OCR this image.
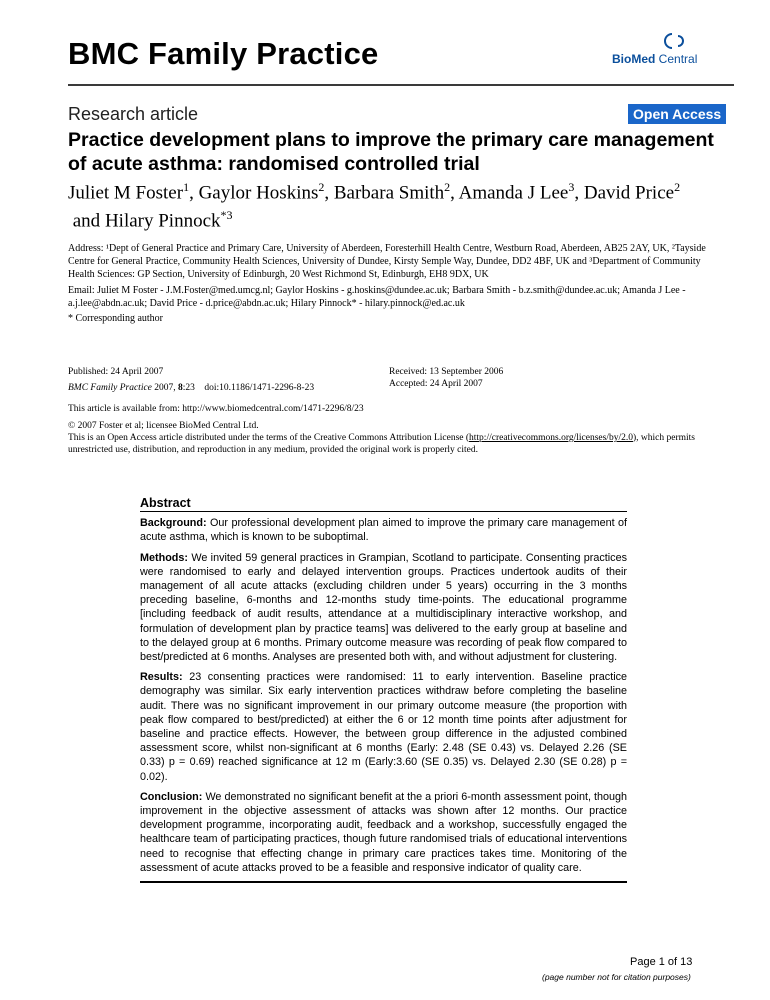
BMC Family Practice	BioMed Central
Research article	Open Access
Practice development plans to improve the primary care management of acute asthma: randomised controlled trial
Juliet M Foster$^1$, Gaylor Hoskins$^2$, Barbara Smith$^2$, Amanda J Lee$^3$, David Price$^2$ and Hilary Pinnock$^{*3}$
Address: ¹Dept of General Practice and Primary Care, University of Aberdeen, Foresterhill Health Centre, Westburn Road, Aberdeen, AB25 2AY, UK, ²Tayside Centre for General Practice, Community Health Sciences, University of Dundee, Kirsty Semple Way, Dundee, DD2 4BF, UK and ³Department of Community Health Sciences: GP Section, University of Edinburgh, 20 West Richmond St, Edinburgh, EH8 9DX, UK
Email: Juliet M Foster - J.M.Foster@med.umcg.nl; Gaylor Hoskins - g.hoskins@dundee.ac.uk; Barbara Smith - b.z.smith@dundee.ac.uk; Amanda J Lee - a.j.lee@abdn.ac.uk; David Price - d.price@abdn.ac.uk; Hilary Pinnock* - hilary.pinnock@ed.ac.uk
* Corresponding author
Published: 24 April 2007
BMC Family Practice 2007, 8:23    doi:10.1186/1471-2296-8-23
Received: 13 September 2006
Accepted: 24 April 2007
This article is available from: http://www.biomedcentral.com/1471-2296/8/23
© 2007 Foster et al; licensee BioMed Central Ltd.
This is an Open Access article distributed under the terms of the Creative Commons Attribution License (http://creativecommons.org/licenses/by/2.0), which permits unrestricted use, distribution, and reproduction in any medium, provided the original work is properly cited.
Abstract

Background: Our professional development plan aimed to improve the primary care management of acute asthma, which is known to be suboptimal.

Methods: We invited 59 general practices in Grampian, Scotland to participate. Consenting practices were randomised to early and delayed intervention groups. Practices undertook audits of their management of all acute attacks (excluding children under 5 years) occurring in the 3 months preceding baseline, 6-months and 12-months study time-points. The educational programme [including feedback of audit results, attendance at a multidisciplinary interactive workshop, and formulation of development plan by practice teams] was delivered to the early group at baseline and to the delayed group at 6 months. Primary outcome measure was recording of peak flow compared to best/predicted at 6 months. Analyses are presented both with, and without adjustment for clustering.

Results: 23 consenting practices were randomised: 11 to early intervention. Baseline practice demography was similar. Six early intervention practices withdraw before completing the baseline audit. There was no significant improvement in our primary outcome measure (the proportion with peak flow compared to best/predicted) at either the 6 or 12 month time points after adjustment for baseline and practice effects. However, the between group difference in the adjusted combined assessment score, whilst non-significant at 6 months (Early: 2.48 (SE 0.43) vs. Delayed 2.26 (SE 0.33) p = 0.69) reached significance at 12 m (Early:3.60 (SE 0.35) vs. Delayed 2.30 (SE 0.28) p = 0.02).

Conclusion: We demonstrated no significant benefit at the a priori 6-month assessment point, though improvement in the objective assessment of attacks was shown after 12 months. Our practice development programme, incorporating audit, feedback and a workshop, successfully engaged the healthcare team of participating practices, though future randomised trials of educational interventions need to recognise that effecting change in primary care practices takes time. Monitoring of the assessment of acute attacks proved to be a feasible and responsive indicator of quality care.

Page 1 of 13
(page number not for citation purposes)
